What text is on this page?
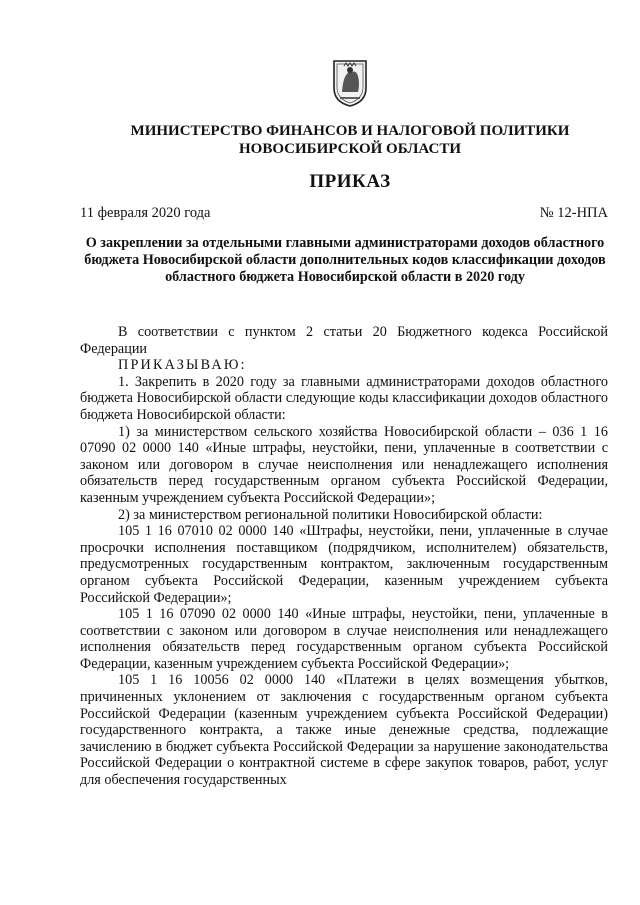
МИНИСТЕРСТВО ФИНАНСОВ И НАЛОГОВОЙ ПОЛИТИКИ
НОВОСИБИРСКОЙ ОБЛАСТИ
ПРИКАЗ
11 февраля 2020 года	№ 12-НПА
О закреплении за отдельными главными администраторами доходов областного бюджета Новосибирской области дополнительных кодов классификации доходов областного бюджета Новосибирской области в 2020 году

В соответствии с пунктом 2 статьи 20 Бюджетного кодекса Российской Федерации

ПРИКАЗЫВАЮ:

1. Закрепить в 2020 году за главными администраторами доходов областного бюджета Новосибирской области следующие коды классификации доходов областного бюджета Новосибирской области:

1) за министерством сельского хозяйства Новосибирской области – 036 1 16 07090 02 0000 140 «Иные штрафы, неустойки, пени, уплаченные в соответствии с законом или договором в случае неисполнения или ненадлежащего исполнения обязательств перед государственным органом субъекта Российской Федерации, казенным учреждением субъекта Российской Федерации»;

2) за министерством региональной политики Новосибирской области:

105 1 16 07010 02 0000 140 «Штрафы, неустойки, пени, уплаченные в случае просрочки исполнения поставщиком (подрядчиком, исполнителем) обязательств, предусмотренных государственным контрактом, заключенным государственным органом субъекта Российской Федерации, казенным учреждением субъекта Российской Федерации»;

105 1 16 07090 02 0000 140 «Иные штрафы, неустойки, пени, уплаченные в соответствии с законом или договором в случае неисполнения или ненадлежащего исполнения обязательств перед государственным органом субъекта Российской Федерации, казенным учреждением субъекта Российской Федерации»;

105 1 16 10056 02 0000 140 «Платежи в целях возмещения убытков, причиненных уклонением от заключения с государственным органом субъекта Российской Федерации (казенным учреждением субъекта Российской Федерации) государственного контракта, а также иные денежные средства, подлежащие зачислению в бюджет субъекта Российской Федерации за нарушение законодательства Российской Федерации о контрактной системе в сфере закупок товаров, работ, услуг для обеспечения государственных
